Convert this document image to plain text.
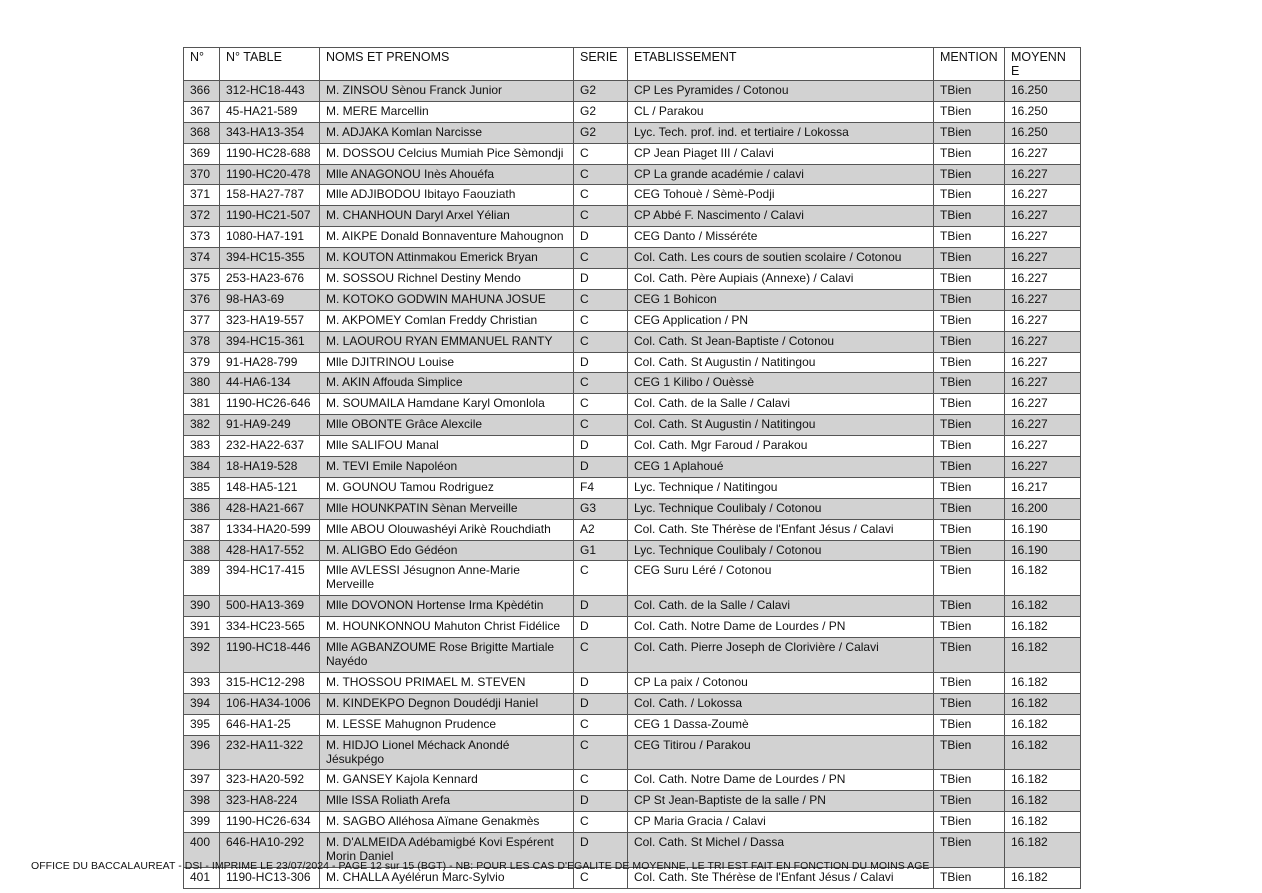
N°	N° TABLE	NOMS ET PRENOMS	SERIE	ETABLISSEMENT	MENTION	MOYENNE
366	312-HC18-443	M. ZINSOU Sènou Franck Junior	G2	CP Les Pyramides / Cotonou	TBien	16.250
367	45-HA21-589	M. MERE Marcellin	G2	CL / Parakou	TBien	16.250
368	343-HA13-354	M. ADJAKA Komlan Narcisse	G2	Lyc. Tech. prof. ind. et tertiaire / Lokossa	TBien	16.250
369	1190-HC28-688	M. DOSSOU Celcius Mumiah Pice Sèmondji	C	CP Jean Piaget III / Calavi	TBien	16.227
370	1190-HC20-478	Mlle ANAGONOU Inès Ahouéfa	C	CP La grande académie / calavi	TBien	16.227
371	158-HA27-787	Mlle ADJIBODOU Ibitayo Faouziath	C	CEG Tohouè / Sèmè-Podji	TBien	16.227
372	1190-HC21-507	M. CHANHOUN Daryl Arxel Yélian	C	CP Abbé F. Nascimento / Calavi	TBien	16.227
373	1080-HA7-191	M. AIKPE Donald Bonnaventure Mahougnon	D	CEG Danto / Misséréte	TBien	16.227
374	394-HC15-355	M. KOUTON Attinmakou Emerick Bryan	C	Col. Cath. Les cours de soutien scolaire / Cotonou	TBien	16.227
375	253-HA23-676	M. SOSSOU Richnel Destiny Mendo	D	Col. Cath. Père Aupiais (Annexe) / Calavi	TBien	16.227
376	98-HA3-69	M. KOTOKO GODWIN MAHUNA JOSUE	C	CEG 1 Bohicon	TBien	16.227
377	323-HA19-557	M. AKPOMEY Comlan Freddy Christian	C	CEG Application / PN	TBien	16.227
378	394-HC15-361	M. LAOUROU RYAN EMMANUEL RANTY	C	Col. Cath. St Jean-Baptiste / Cotonou	TBien	16.227
379	91-HA28-799	Mlle DJITRINOU Louise	D	Col. Cath. St Augustin / Natitingou	TBien	16.227
380	44-HA6-134	M. AKIN Affouda Simplice	C	CEG 1 Kilibo / Ouèssè	TBien	16.227
381	1190-HC26-646	M. SOUMAILA Hamdane Karyl Omonlola	C	Col. Cath. de la Salle / Calavi	TBien	16.227
382	91-HA9-249	Mlle OBONTE Grâce Alexcile	C	Col. Cath. St Augustin / Natitingou	TBien	16.227
383	232-HA22-637	Mlle SALIFOU Manal	D	Col. Cath. Mgr Faroud / Parakou	TBien	16.227
384	18-HA19-528	M. TEVI Emile Napoléon	D	CEG 1 Aplahoué	TBien	16.227
385	148-HA5-121	M. GOUNOU Tamou Rodriguez	F4	Lyc. Technique / Natitingou	TBien	16.217
386	428-HA21-667	Mlle HOUNKPATIN Sènan Merveille	G3	Lyc. Technique Coulibaly / Cotonou	TBien	16.200
387	1334-HA20-599	Mlle ABOU Olouwashéyi Arikè Rouchdiath	A2	Col. Cath. Ste Thérèse de l'Enfant Jésus / Calavi	TBien	16.190
388	428-HA17-552	M. ALIGBO Edo Gédéon	G1	Lyc. Technique Coulibaly / Cotonou	TBien	16.190
389	394-HC17-415	Mlle AVLESSI Jésugnon Anne-Marie Merveille	C	CEG Suru Léré / Cotonou	TBien	16.182
390	500-HA13-369	Mlle DOVONON Hortense Irma Kpèdétin	D	Col. Cath. de la Salle / Calavi	TBien	16.182
391	334-HC23-565	M. HOUNKONNOU Mahuton Christ Fidélice	D	Col. Cath. Notre Dame de Lourdes / PN	TBien	16.182
392	1190-HC18-446	Mlle AGBANZOUME Rose Brigitte Martiale Nayédo	C	Col. Cath. Pierre Joseph de Clorivière / Calavi	TBien	16.182
393	315-HC12-298	M. THOSSOU PRIMAEL M. STEVEN	D	CP La paix / Cotonou	TBien	16.182
394	106-HA34-1006	M. KINDEKPO Degnon Doudédji Haniel	D	Col. Cath. / Lokossa	TBien	16.182
395	646-HA1-25	M. LESSE Mahugnon Prudence	C	CEG 1 Dassa-Zoumè	TBien	16.182
396	232-HA11-322	M. HIDJO Lionel Méchack Anondé Jésukpégo	C	CEG Titirou / Parakou	TBien	16.182
397	323-HA20-592	M. GANSEY Kajola Kennard	C	Col. Cath. Notre Dame de Lourdes / PN	TBien	16.182
398	323-HA8-224	Mlle ISSA Roliath Arefa	D	CP St Jean-Baptiste de la salle / PN	TBien	16.182
399	1190-HC26-634	M. SAGBO Alléhosa Aïmane Genakmès	C	CP Maria Gracia / Calavi	TBien	16.182
400	646-HA10-292	M. D'ALMEIDA Adébamigbé Kovi Espérent Morin Daniel	D	Col. Cath. St Michel / Dassa	TBien	16.182
401	1190-HC13-306	M. CHALLA Ayélérun Marc-Sylvio	C	Col. Cath. Ste Thérèse de l'Enfant Jésus / Calavi	TBien	16.182
OFFICE DU BACCALAUREAT - DSI - IMPRIME LE 23/07/2024 - PAGE 12 sur 15 (BGT) - NB: POUR LES CAS D'EGALITE DE MOYENNE, LE TRI EST FAIT EN FONCTION DU MOINS AGE
